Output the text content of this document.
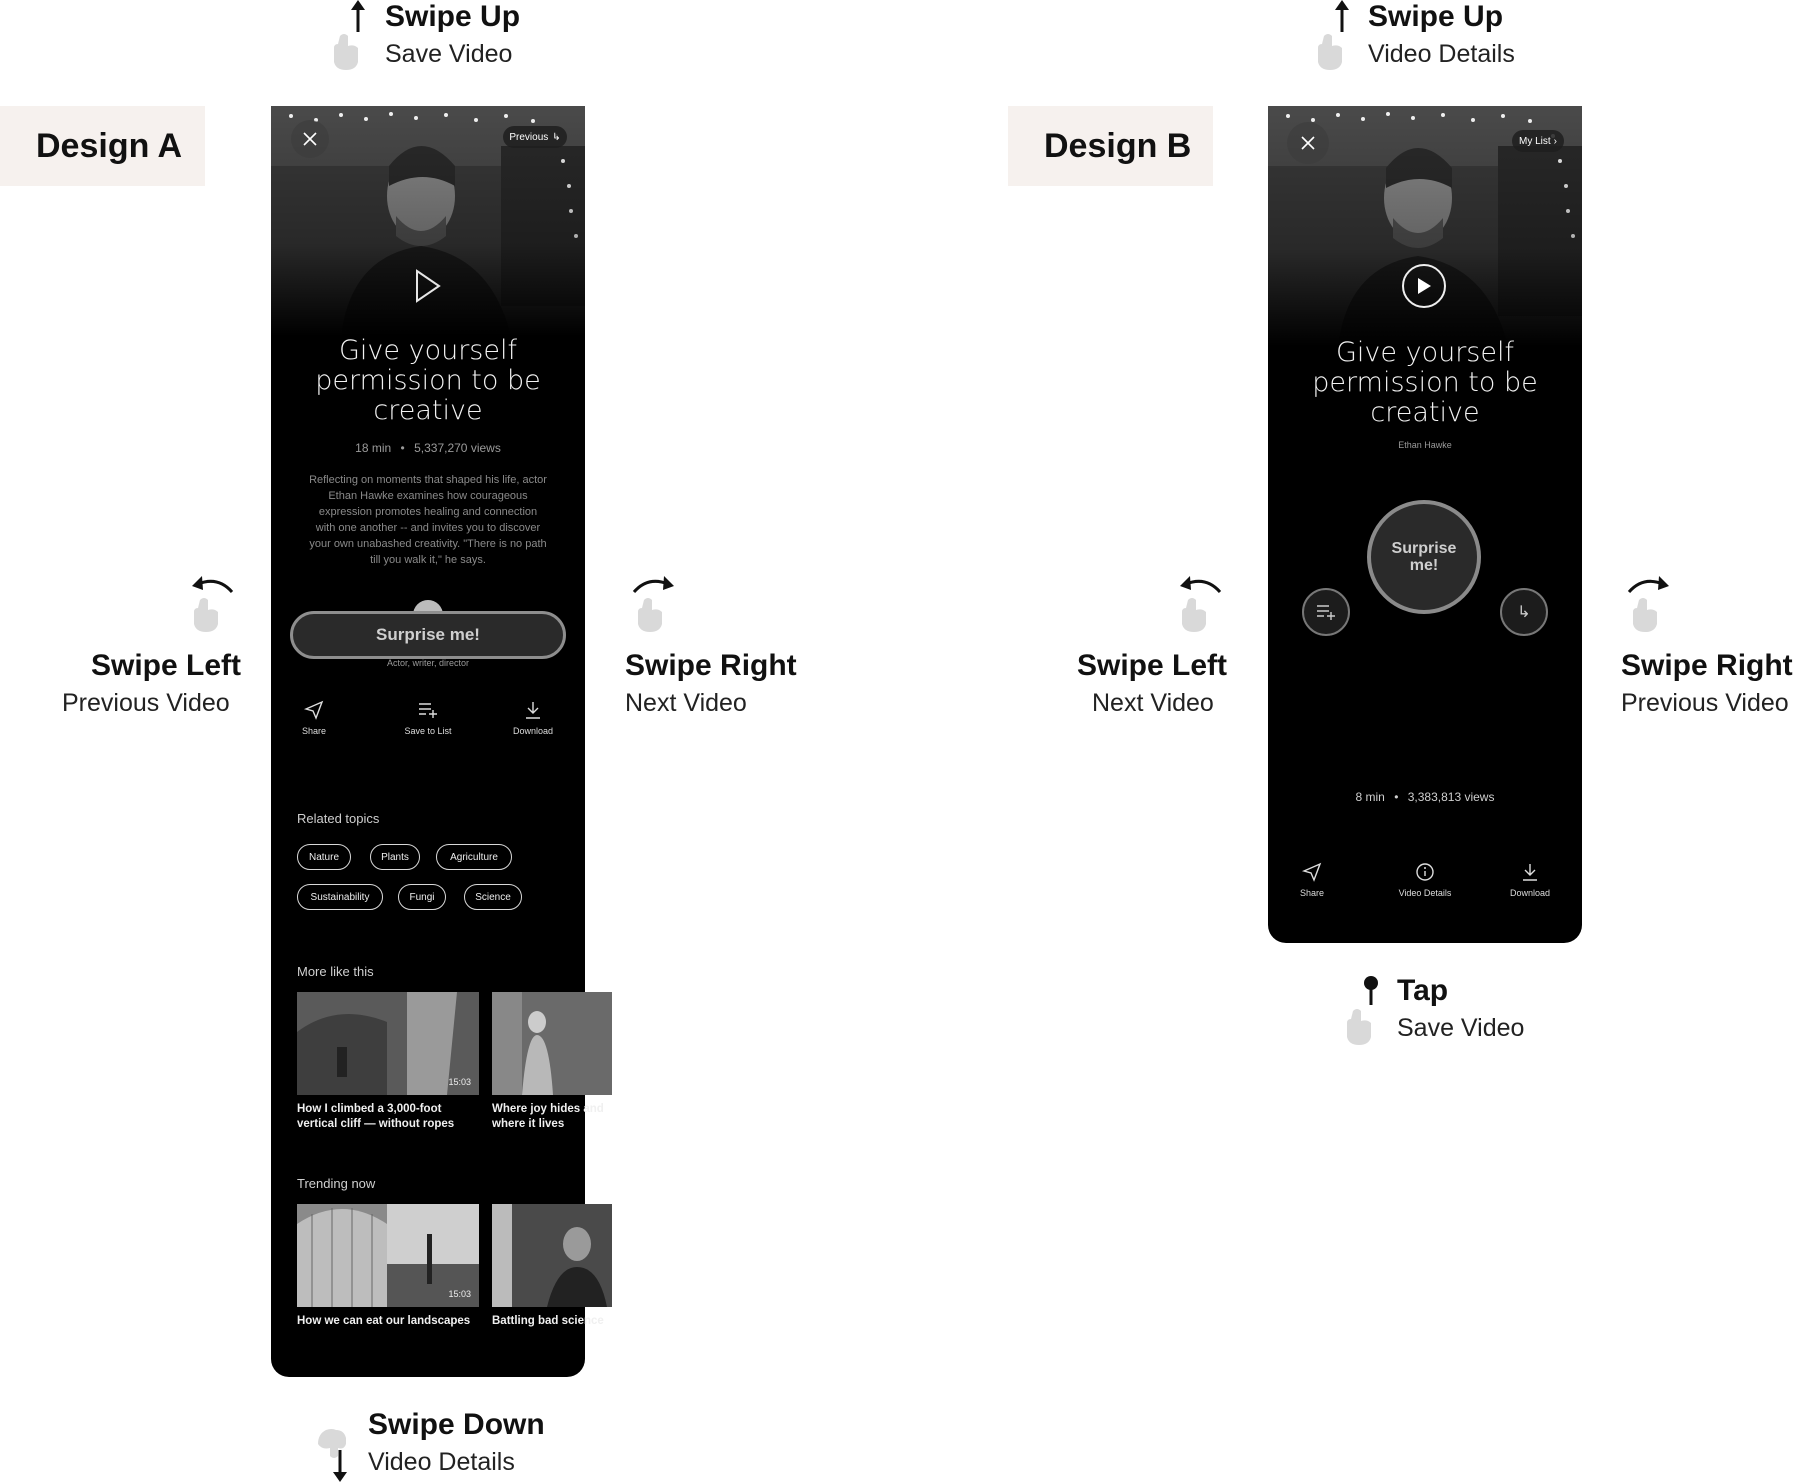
Design A
Swipe Up
Save Video
Swipe Left
Previous Video
Swipe Right
Next Video
Swipe Down
Video Details
Previous ↳
Give yourself permission to be creative
18 min • 5,337,270 views
Reflecting on moments that shaped his life, actor Ethan Hawke examines how courageous expression promotes healing and connection with one another -- and invites you to discover your own unabashed creativity. "There is no path till you walk it," he says.
Surprise me!
Actor, writer, director
Share	Save to List	Download
Related topics
Nature	Plants	Agriculture
Sustainability	Fungi	Science
More like this
15:03
How I climbed a 3,000-foot vertical cliff — without ropes
Where joy hides and where it lives
Trending now
15:03
How we can eat our landscapes	Battling bad science
Design B
Swipe Up
Video Details
Swipe Left
Next Video
Swipe Right
Previous Video
Tap
Save Video
My List ›
Give yourself permission to be creative
Ethan Hawke
Surprise me!
↳
8 min • 3,383,813 views
Share	Video Details	Download
